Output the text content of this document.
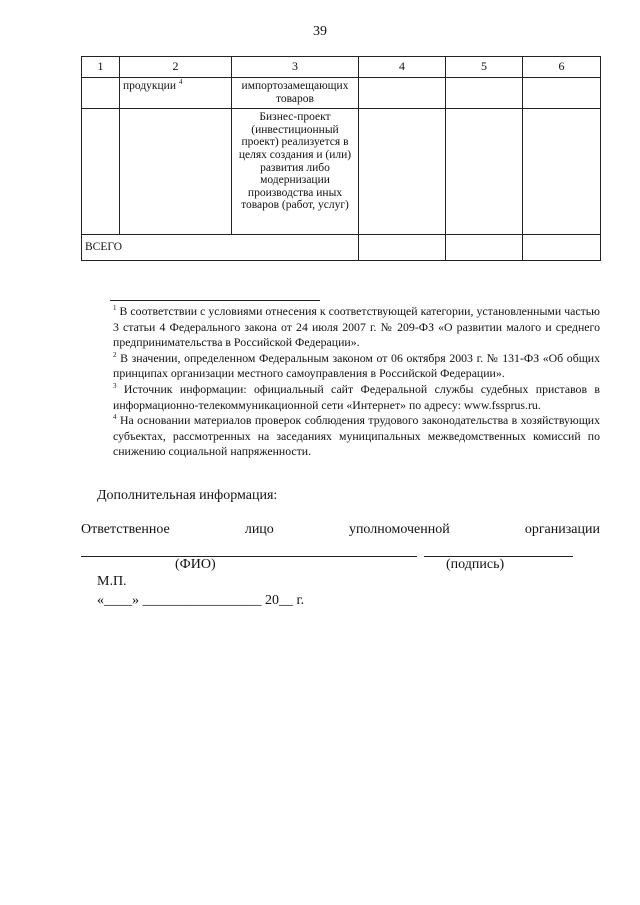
39
1	2	3	4	5	6
	продукции $^4$	импортозамещающих товаров			
		Бизнес-проект (инвестиционный проект) реализуется в целях создания и (или) развития либо модернизации производства иных товаров (работ, услуг)			
ВСЕГО					

$^1$ В соответствии с условиями отнесения к соответствующей категории, установленными частью 3 статьи 4 Федерального закона от 24 июля 2007 г. № 209-ФЗ «О развитии малого и среднего предпринимательства в Российской Федерации».

$^2$ В значении, определенном Федеральным законом от 06 октября 2003 г. № 131-ФЗ «Об общих принципах организации местного самоуправления в Российской Федерации».

$^3$ Источник информации: официальный сайт Федеральной службы судебных приставов в информационно-телекоммуникационной сети «Интернет» по адресу: www.fssprus.ru.

$^4$ На основании материалов проверок соблюдения трудового законодательства в хозяйствующих субъектах, рассмотренных на заседаниях муниципальных межведомственных комиссий по снижению социальной напряженности.

Дополнительная информация:
Ответственное	лицо	уполномоченной	организации
(ФИО)	(подпись)
М.П.
«____» _________________ 20__ г.
